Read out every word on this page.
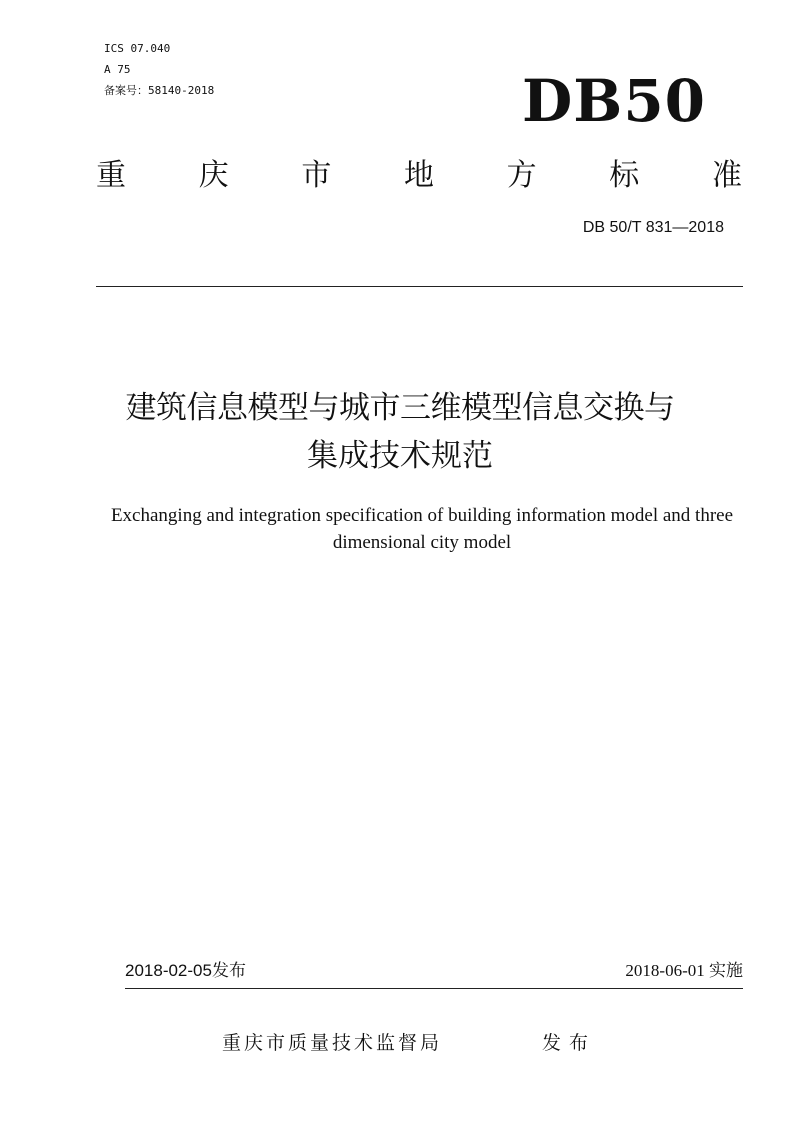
ICS 07.040
A 75
备案号：58140-2018	DB50
重 庆 市 地 方 标 准
DB 50/T 831—2018
建筑信息模型与城市三维模型信息交换与
集成技术规范
Exchanging and integration specification of building information model and three
dimensional city model
2018-02-05发布	2018-06-01 实施
重庆市质量技术监督局	发布
